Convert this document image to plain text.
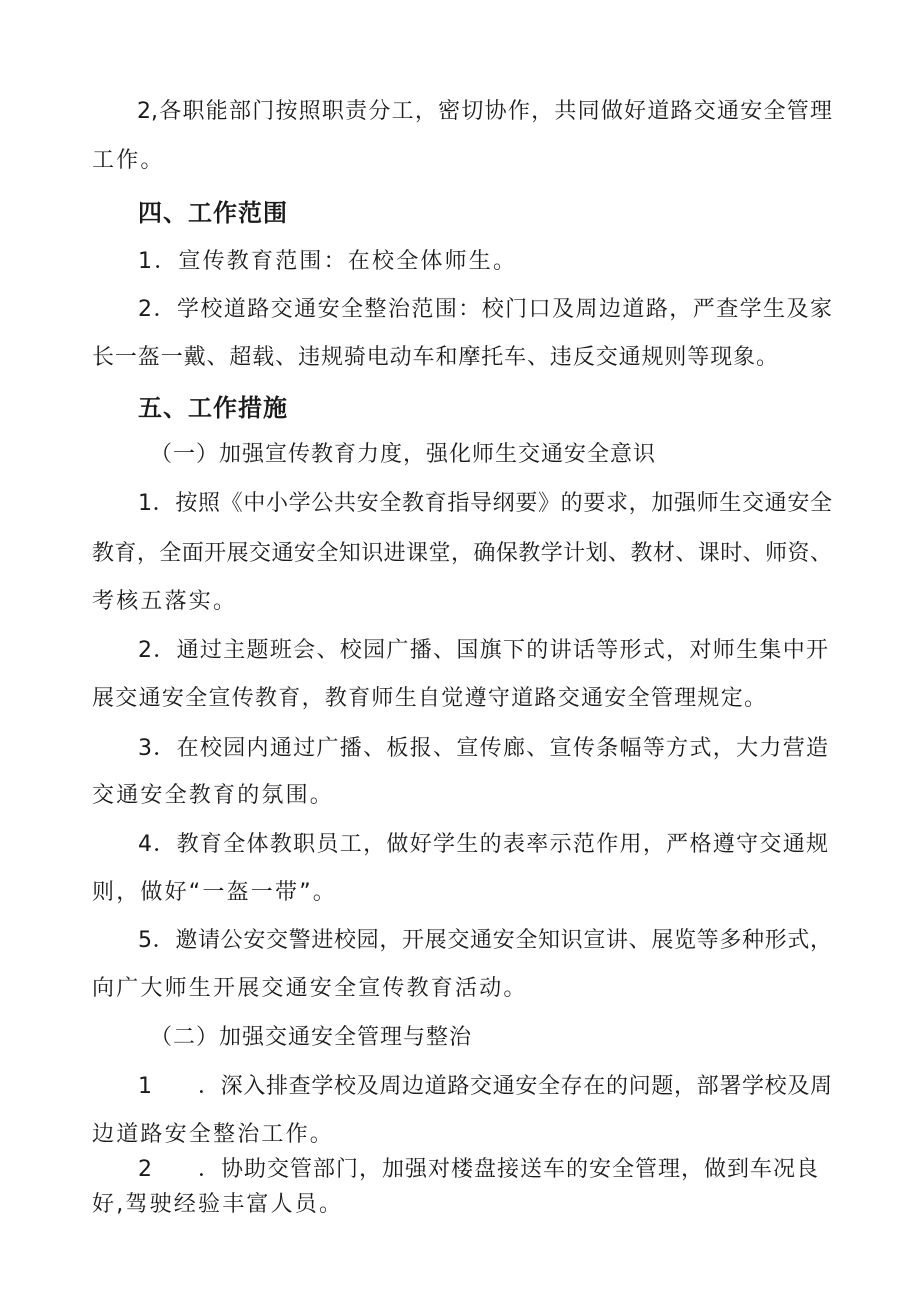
2,各职能部门按照职责分工，密切协作，共同做好道路交通安全管理
工作。
四、工作范围
1．宣传教育范围：在校全体师生。
2．学校道路交通安全整治范围：校门口及周边道路，严查学生及家
长一盔一戴、超载、违规骑电动车和摩托车、违反交通规则等现象。
五、工作措施
（一）加强宣传教育力度，强化师生交通安全意识
1．按照《中小学公共安全教育指导纲要》的要求，加强师生交通安全
教育，全面开展交通安全知识进课堂，确保教学计划、教材、课时、师资、
考核五落实。
2．通过主题班会、校园广播、国旗下的讲话等形式，对师生集中开
展交通安全宣传教育，教育师生自觉遵守道路交通安全管理规定。
3．在校园内通过广播、板报、宣传廊、宣传条幅等方式，大力营造
交通安全教育的氛围。
4．教育全体教职员工，做好学生的表率示范作用，严格遵守交通规
则，做好“一盔一带”。
5．邀请公安交警进校园，开展交通安全知识宣讲、展览等多种形式，
向广大师生开展交通安全宣传教育活动。
（二）加强交通安全管理与整治
1 ．深入排查学校及周边道路交通安全存在的问题，部署学校及周
边道路安全整治工作。
2 ．协助交管部门，加强对楼盘接送车的安全管理，做到车况良
好,驾驶经验丰富人员。
